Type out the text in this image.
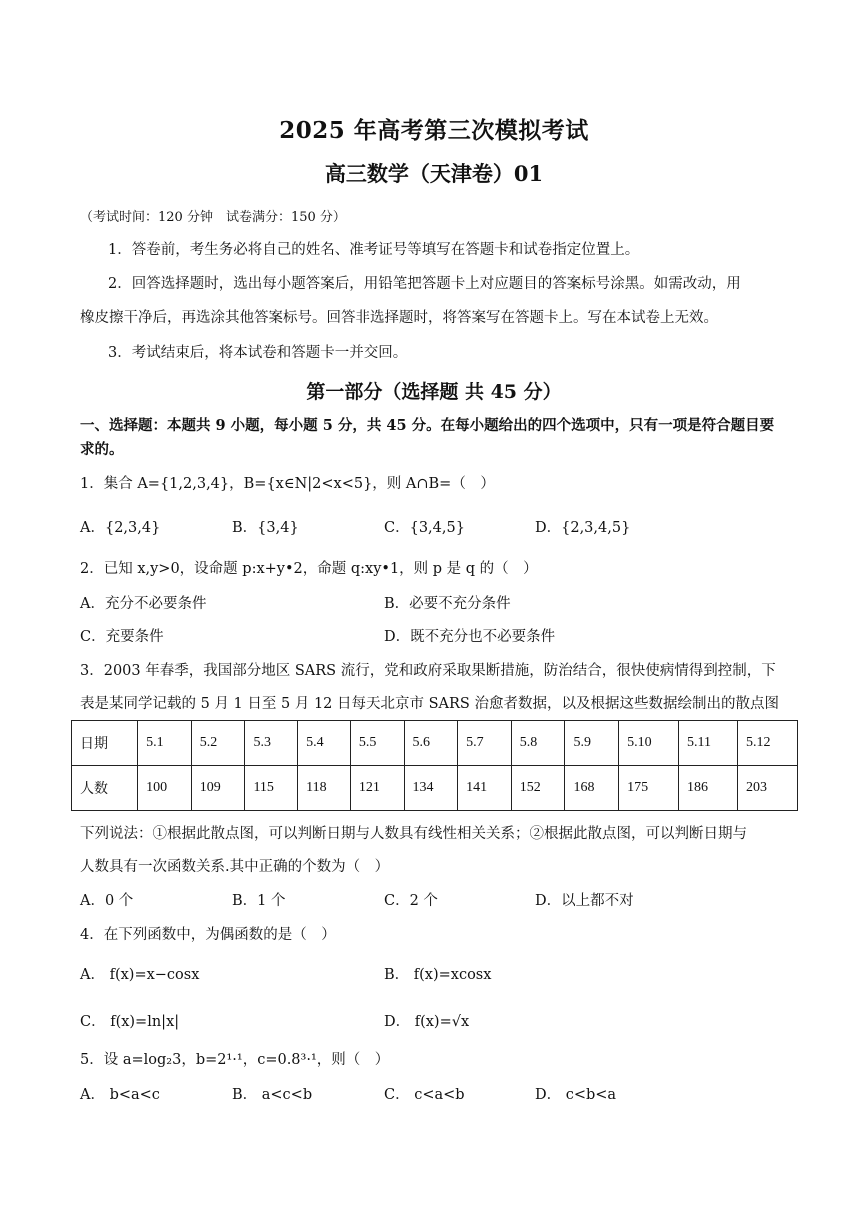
2025 年高考第三次模拟考试
高三数学（天津卷）01
（考试时间：120 分钟　试卷满分：150 分）
1．答卷前，考生务必将自己的姓名、准考证号等填写在答题卡和试卷指定位置上。
2．回答选择题时，选出每小题答案后，用铅笔把答题卡上对应题目的答案标号涂黑。如需改动，用
橡皮擦干净后，再选涂其他答案标号。回答非选择题时，将答案写在答题卡上。写在本试卷上无效。
3．考试结束后，将本试卷和答题卡一并交回。
第一部分（选择题 共 45 分）
一、选择题：本题共 9 小题，每小题 5 分，共 45 分。在每小题给出的四个选项中，只有一项是符合题目要
求的。
1．集合 A={1,2,3,4}，B={x∈N|2<x<5}，则 A∩B=（　）
A．{2,3,4}	B．{3,4}	C．{3,4,5}	D．{2,3,4,5}
2．已知 x,y>0，设命题 p:x+y•2，命题 q:xy•1，则 p 是 q 的（　）
A．充分不必要条件	B．必要不充分条件
C．充要条件	D．既不充分也不必要条件
3．2003 年春季，我国部分地区 SARS 流行，党和政府采取果断措施，防治结合，很快使病情得到控制，下
表是某同学记载的 5 月 1 日至 5 月 12 日每天北京市 SARS 治愈者数据，以及根据这些数据绘制出的散点图
日期	5.1	5.2	5.3	5.4	5.5	5.6	5.7	5.8	5.9	5.10	5.11	5.12
人数	100	109	115	118	121	134	141	152	168	175	186	203
下列说法：①根据此散点图，可以判断日期与人数具有线性相关关系；②根据此散点图，可以判断日期与
人数具有一次函数关系.其中正确的个数为（　）
A．0 个	B．1 个	C．2 个	D．以上都不对
4．在下列函数中，为偶函数的是（　）
A． f(x)=x−cosx	B． f(x)=xcosx
C． f(x)=ln|x|	D． f(x)=√x
5．设 a=log₂3，b=2¹·¹，c=0.8³·¹，则（　）
A． b<a<c	B． a<c<b	C． c<a<b	D． c<b<a
